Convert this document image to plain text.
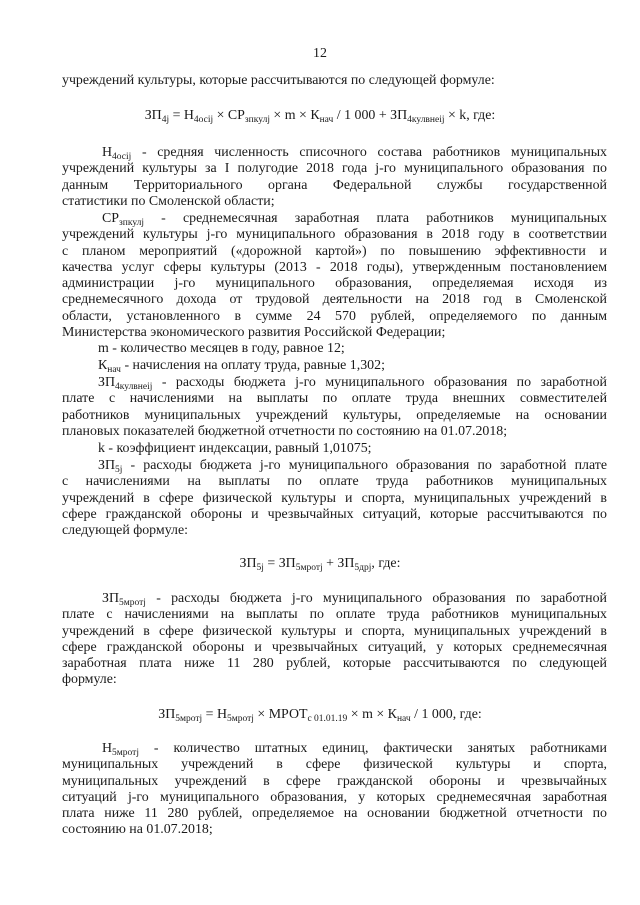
12
учреждений культуры, которые рассчитываются по следующей формуле:
$ЗП_{4j} = Н_{4осіj} \times СР_{зпкулj} \times m \times К_{нач} / 1$ $000 + ЗП_{4кулвнеіj} \times k$, где:
$Н_{4осіj}$ - средняя численность списочного состава работников муниципальных
учреждений культуры за I полугодие 2018 года j-го муниципального образования по
данным Территориального органа Федеральной службы государственной
статистики по Смоленской области;
$СР_{зпкулj}$ - среднемесячная заработная плата работников муниципальных
учреждений культуры j-го муниципального образования в 2018 году в соответствии
с планом мероприятий («дорожной картой») по повышению эффективности и
качества услуг сферы культуры (2013 - 2018 годы), утвержденным постановлением
администрации j-го муниципального образования, определяемая исходя из
среднемесячного дохода от трудовой деятельности на 2018 год в Смоленской
области, установленного в сумме 24 570 рублей, определяемого по данным
Министерства экономического развития Российской Федерации;
m - количество месяцев в году, равное 12;
$К_{нач}$ - начисления на оплату труда, равные 1,302;
$ЗП_{4кулвнеіj}$ - расходы бюджета j-го муниципального образования по заработной
плате с начислениями на выплаты по оплате труда внешних совместителей
работников муниципальных учреждений культуры, определяемые на основании
плановых показателей бюджетной отчетности по состоянию на 01.07.2018;
k - коэффициент индексации, равный 1,01075;
$ЗП_{5j}$ - расходы бюджета j-го муниципального образования по заработной плате
с начислениями на выплаты по оплате труда работников муниципальных
учреждений в сфере физической культуры и спорта, муниципальных учреждений в
сфере гражданской обороны и чрезвычайных ситуаций, которые рассчитываются по
следующей формуле:
$ЗП_{5j} = ЗП_{5мротj} + ЗП_{5дрj}$, где:
$ЗП_{5мротj}$ - расходы бюджета j-го муниципального образования по заработной
плате с начислениями на выплаты по оплате труда работников муниципальных
учреждений в сфере физической культуры и спорта, муниципальных учреждений в
сфере гражданской обороны и чрезвычайных ситуаций, у которых среднемесячная
заработная плата ниже 11 280 рублей, которые рассчитываются по следующей
формуле:
$ЗП_{5мротj} = Н_{5мротj}$ × $МРОТ_{с 01.01.19} \times m \times К_{нач} / 1$ 000, где:
$Н_{5мротj}$ - количество штатных единиц, фактически занятых работниками
муниципальных учреждений в сфере физической культуры и спорта,
муниципальных учреждений в сфере гражданской обороны и чрезвычайных
ситуаций j-го муниципального образования, у которых среднемесячная заработная
плата ниже 11 280 рублей, определяемое на основании бюджетной отчетности по
состоянию на 01.07.2018;
